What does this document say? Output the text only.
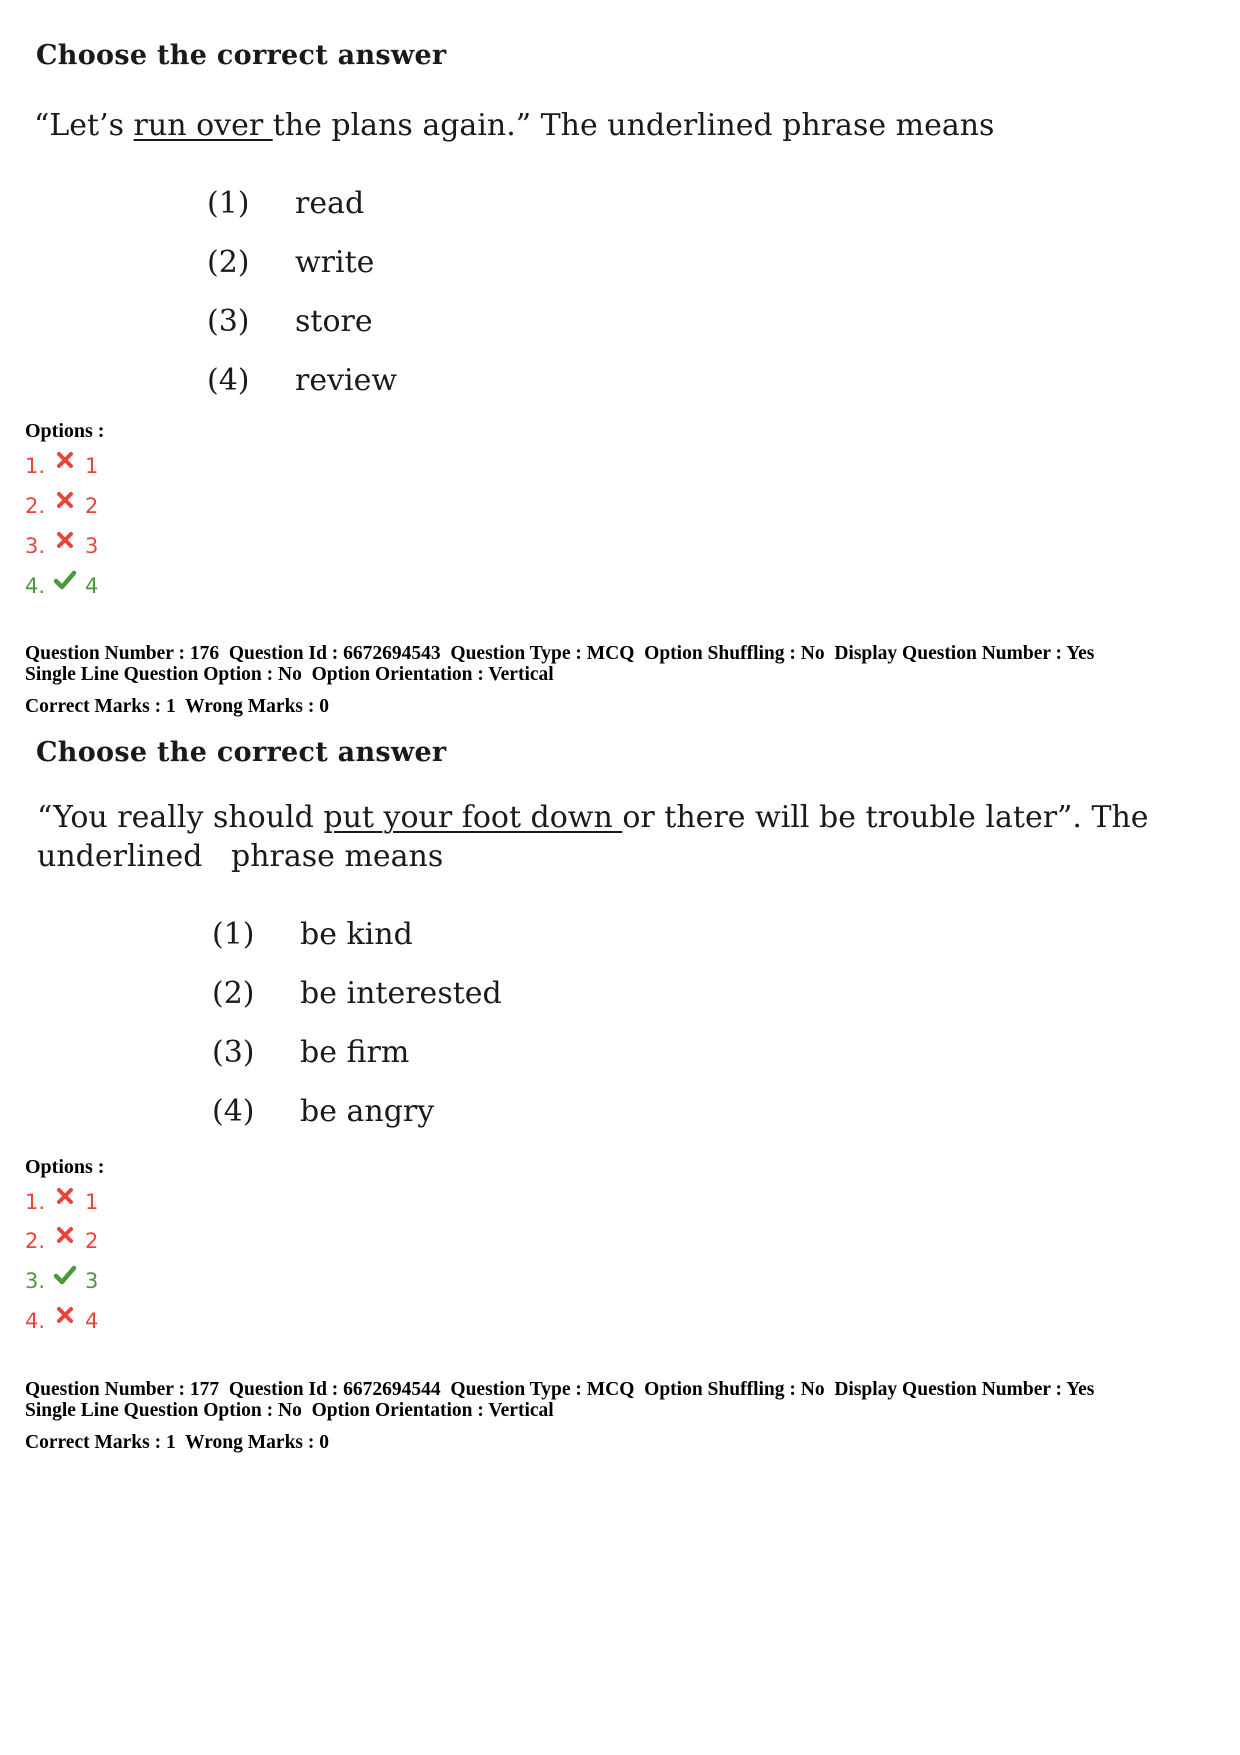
Choose the correct answer
“Let’s run over the plans again.” The underlined phrase means
(1) read
(2) write
(3) store
(4) review
Options :
1.	1
2.	2
3.	3
4.	4
Question Number : 176  Question Id : 6672694543  Question Type : MCQ  Option Shuffling : No  Display Question Number : Yes
Single Line Question Option : No  Option Orientation : Vertical
Correct Marks : 1  Wrong Marks : 0
Choose the correct answer
“You really should put your foot down or there will be trouble later”. The
underlined   phrase means
(1) be kind
(2) be interested
(3) be firm
(4) be angry
Options :
1.	1
2.	2
3.	3
4.	4
Question Number : 177  Question Id : 6672694544  Question Type : MCQ  Option Shuffling : No  Display Question Number : Yes
Single Line Question Option : No  Option Orientation : Vertical
Correct Marks : 1  Wrong Marks : 0
